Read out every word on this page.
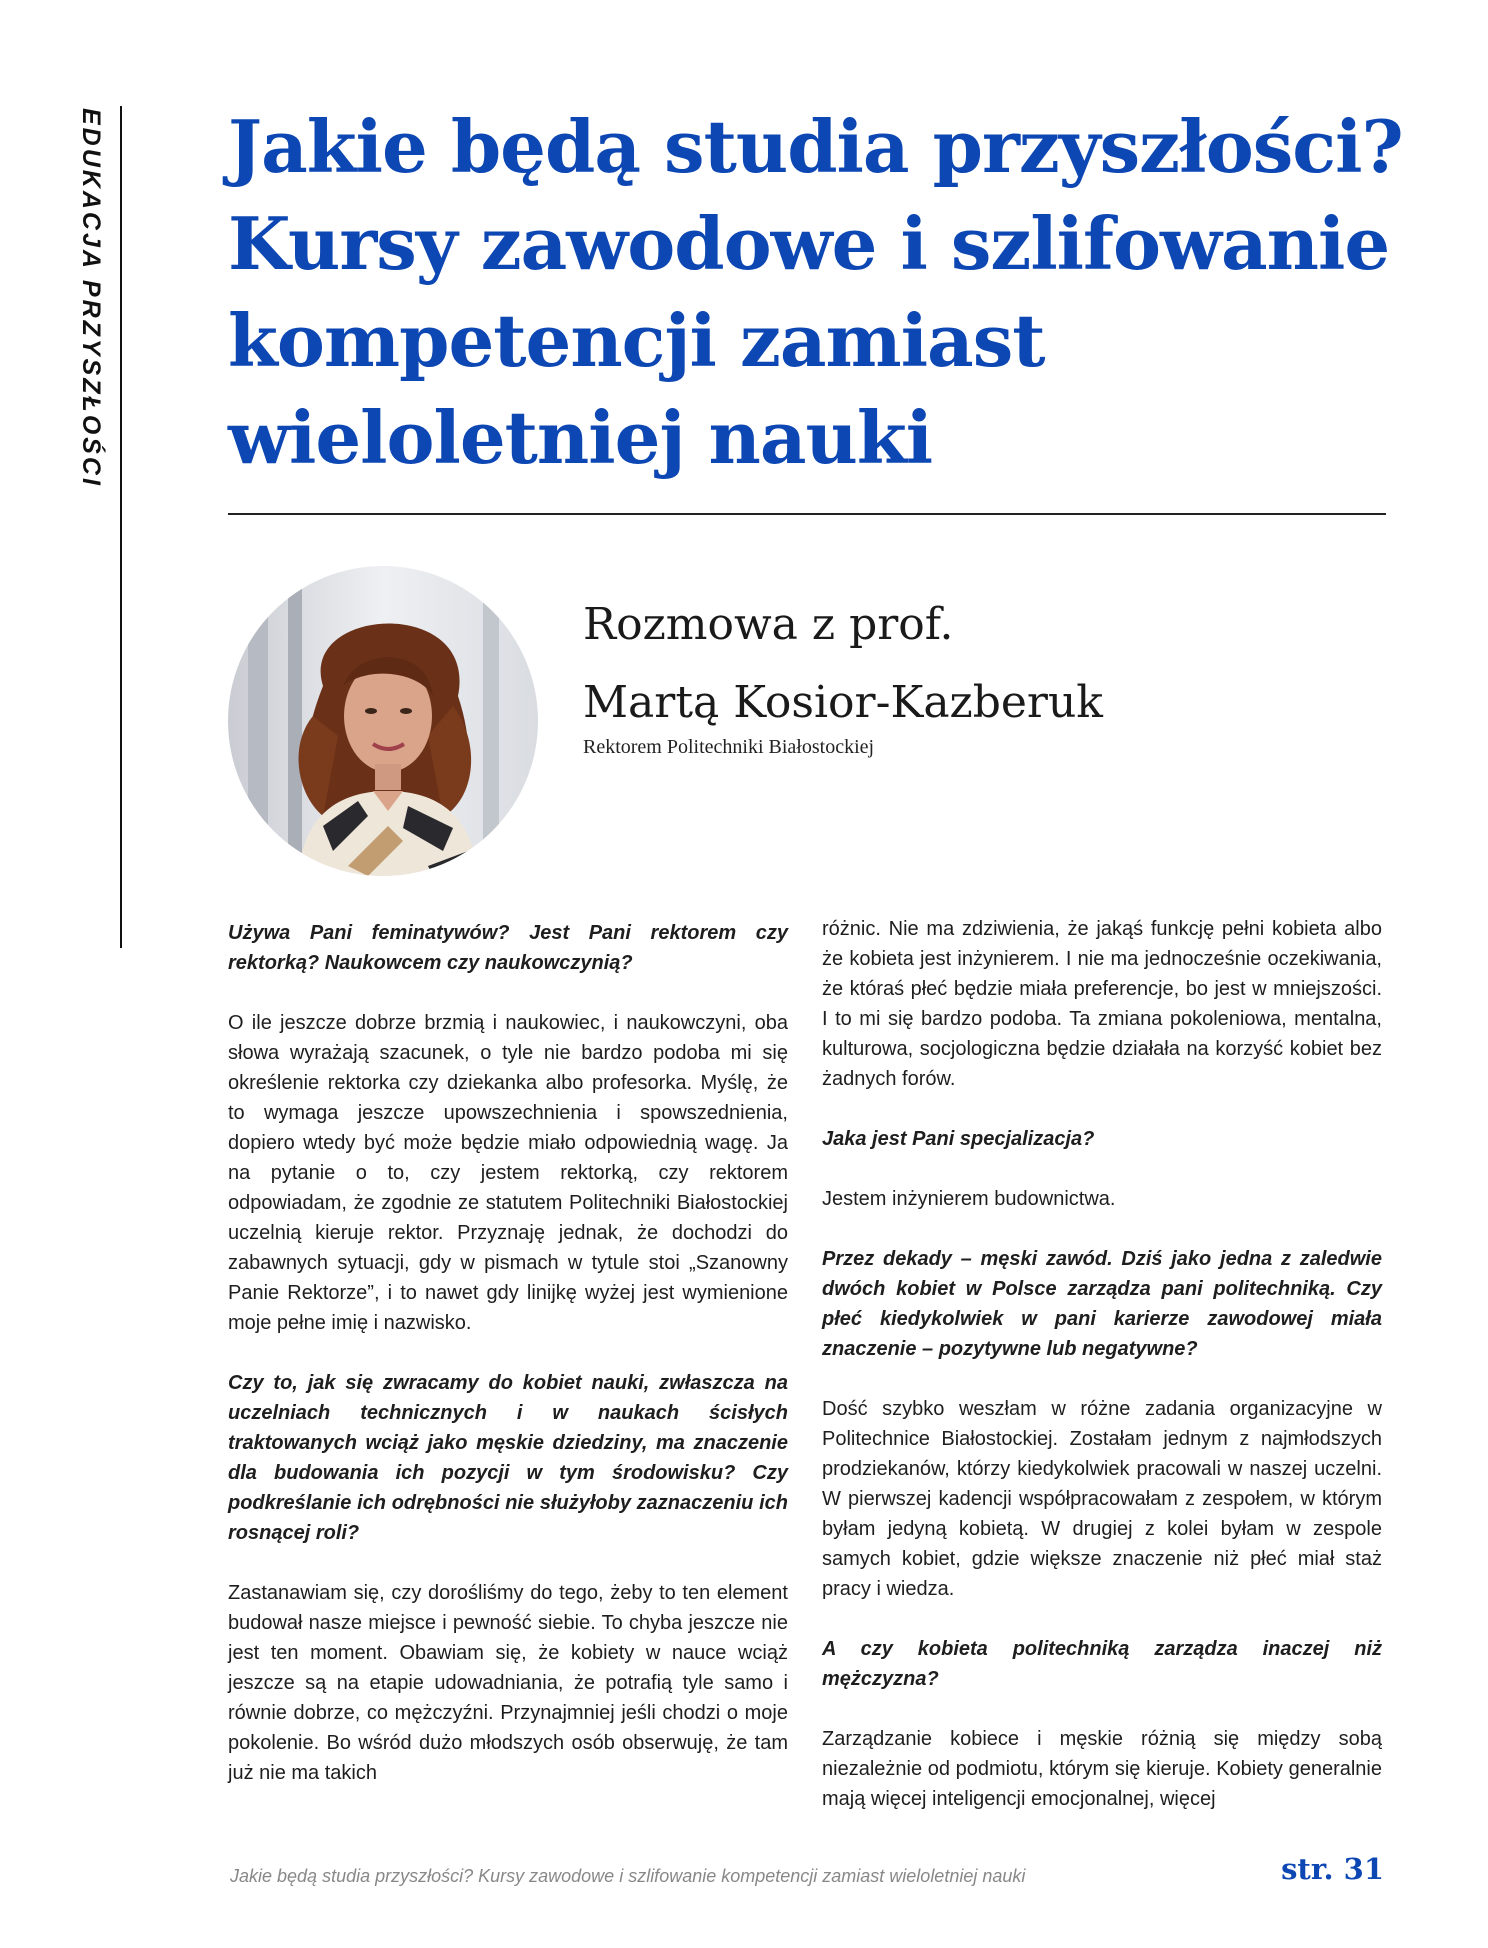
EDUKACJA PRZYSZŁOŚCI Jakie będą studia przyszłości? Kursy zawodowe i szlifowanie kompetencji zamiast wieloletniej nauki
Rozmowa z prof.
Martą Kosior-Kazberuk
Rektorem Politechniki Białostockiej

Używa Pani feminatywów? Jest Pani rektorem czy rektorką? Naukowcem czy naukowczynią?

O ile jeszcze dobrze brzmią i naukowiec, i naukowczyni, oba słowa wyrażają szacunek, o tyle nie bardzo podoba mi się określenie rektorka czy dziekanka albo profesorka. Myślę, że to wymaga jeszcze upowszechnienia i spowszednienia, dopiero wtedy być może będzie miało odpowiednią wagę. Ja na pytanie o to, czy jestem rektorką, czy rektorem odpowiadam, że zgodnie ze statutem Politechniki Białostockiej uczelnią kieruje rektor. Przyznaję jednak, że dochodzi do zabawnych sytuacji, gdy w pismach w tytule stoi „Szanowny Panie Rektorze”, i to nawet gdy linijkę wyżej jest wymienione moje pełne imię i nazwisko.

Czy to, jak się zwracamy do kobiet nauki, zwłaszcza na uczelniach technicznych i w naukach ścisłych traktowanych wciąż jako męskie dziedziny, ma znaczenie dla budowania ich pozycji w tym środowisku? Czy podkreślanie ich odrębności nie służyłoby zaznaczeniu ich rosnącej roli?

Zastanawiam się, czy dorośliśmy do tego, żeby to ten element budował nasze miejsce i pewność siebie. To chyba jeszcze nie jest ten moment. Obawiam się, że kobiety w nauce wciąż jeszcze są na etapie udowadniania, że potrafią tyle samo i równie dobrze, co mężczyźni. Przynajmniej jeśli chodzi o moje pokolenie. Bo wśród dużo młodszych osób obserwuję, że tam już nie ma takich

różnic. Nie ma zdziwienia, że jakąś funkcję pełni kobieta albo że kobieta jest inżynierem. I nie ma jednocześnie oczekiwania, że któraś płeć będzie miała preferencje, bo jest w mniejszości. I to mi się bardzo podoba. Ta zmiana pokoleniowa, mentalna, kulturowa, socjologiczna będzie działała na korzyść kobiet bez żadnych forów.

Jaka jest Pani specjalizacja?

Jestem inżynierem budownictwa.

Przez dekady – męski zawód. Dziś jako jedna z zaledwie dwóch kobiet w Polsce zarządza pani politechniką. Czy płeć kiedykolwiek w pani karierze zawodowej miała znaczenie – pozytywne lub negatywne?

Dość szybko weszłam w różne zadania organizacyjne w Politechnice Białostockiej. Zostałam jednym z najmłodszych prodziekanów, którzy kiedykolwiek pracowali w naszej uczelni. W pierwszej kadencji współpracowałam z zespołem, w którym byłam jedyną kobietą. W drugiej z kolei byłam w zespole samych kobiet, gdzie większe znaczenie niż płeć miał staż pracy i wiedza.

A czy kobieta politechniką zarządza inaczej niż mężczyzna?

Zarządzanie kobiece i męskie różnią się między sobą niezależnie od podmiotu, którym się kieruje. Kobiety generalnie mają więcej inteligencji emocjonalnej, więcej

Jakie będą studia przyszłości? Kursy zawodowe i szlifowanie kompetencji zamiast wieloletniej nauki	str. 31
